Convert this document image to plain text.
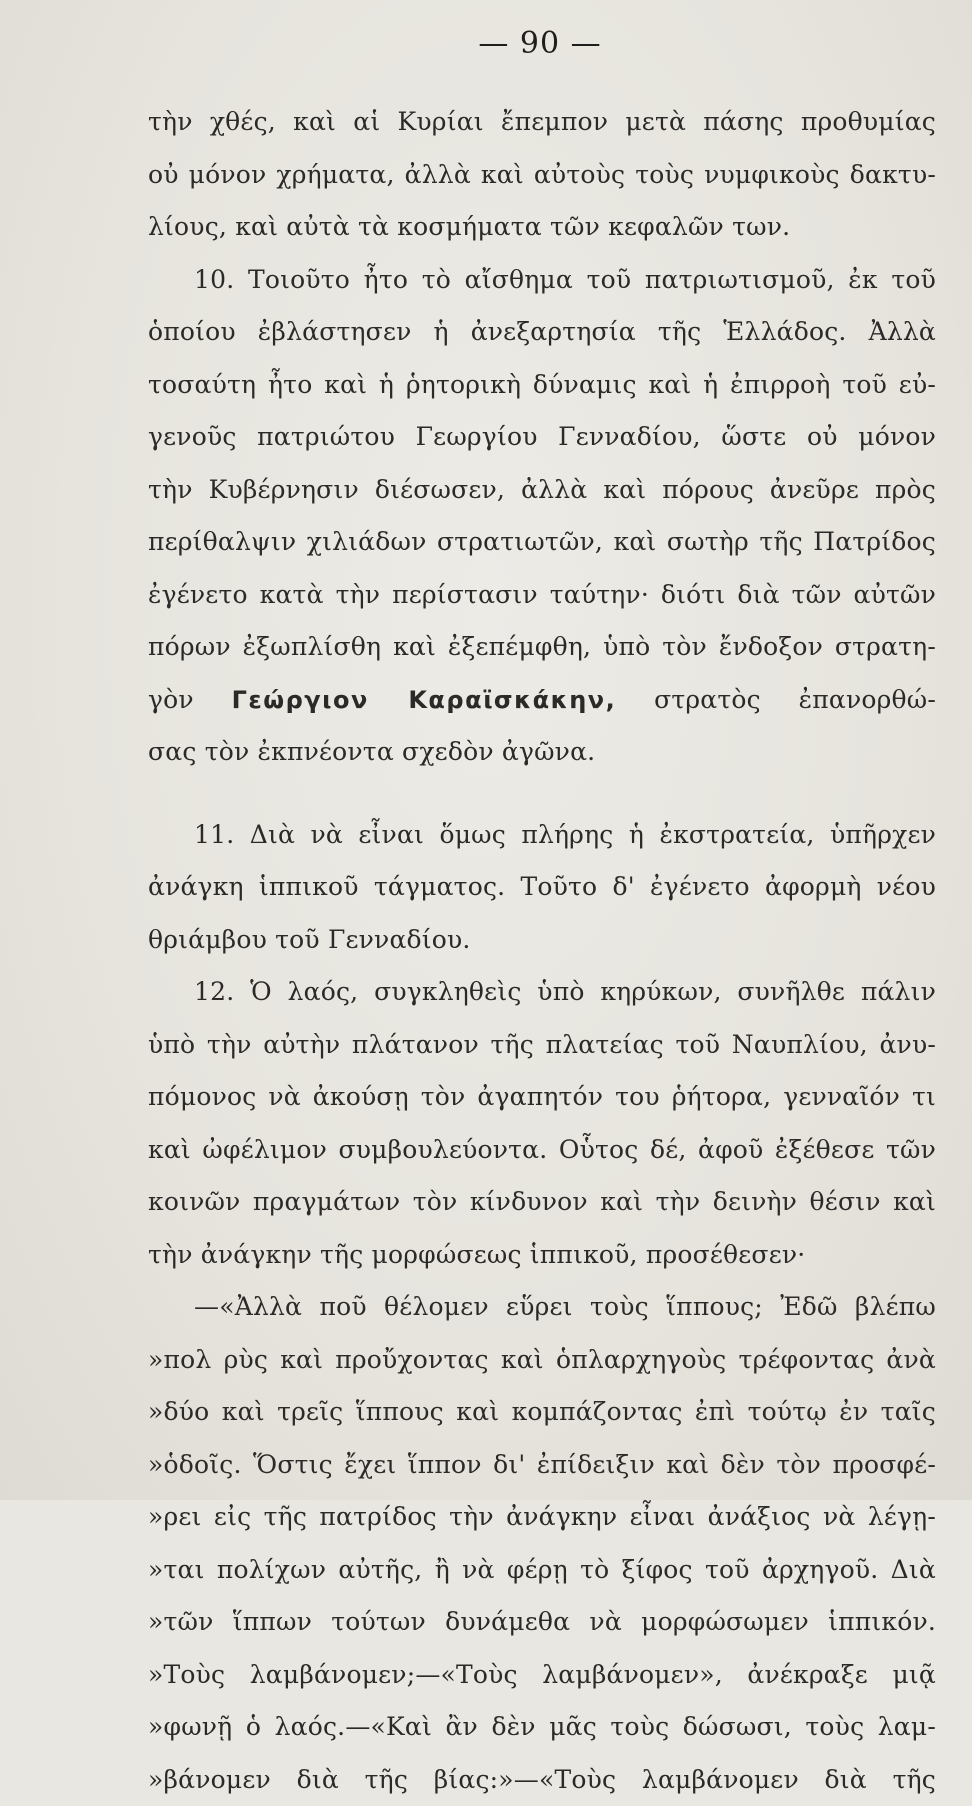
— 90 —
τὴν χθές, καὶ αἱ Κυρίαι ἔπεμπον μετὰ πάσης προθυμίας
οὐ μόνον χρήματα, ἀλλὰ καὶ αὐτοὺς τοὺς νυμφικοὺς δακτυ-
λίους, καὶ αὐτὰ τὰ κοσμήματα τῶν κεφαλῶν των.
10. Τοιοῦτο ἦτο τὸ αἴσθημα τοῦ πατριωτισμοῦ, ἐκ τοῦ
ὁποίου ἐβλάστησεν ἡ ἀνεξαρτησία τῆς Ἑλλάδος. Ἀλλὰ
τοσαύτη ἦτο καὶ ἡ ῥητορικὴ δύναμις καὶ ἡ ἐπιρροὴ τοῦ εὐ-
γενοῦς πατριώτου Γεωργίου Γενναδίου, ὥστε οὐ μόνον
τὴν Κυβέρνησιν διέσωσεν, ἀλλὰ καὶ πόρους ἀνεῦρε πρὸς
περίθαλψιν χιλιάδων στρατιωτῶν, καὶ σωτὴρ τῆς Πατρίδος
ἐγένετο κατὰ τὴν περίστασιν ταύτην· διότι διὰ τῶν αὐτῶν
πόρων ἐξωπλίσθη καὶ ἐξεπέμφθη, ὑπὸ τὸν ἔνδοξον στρατη-
γὸν Γεώργιον Καραϊσκάκην, στρατὸς ἐπανορθώ-
σας τὸν ἐκπνέοντα σχεδὸν ἀγῶνα.
11. Διὰ νὰ εἶναι ὅμως πλήρης ἡ ἐκστρατεία, ὑπῆρχεν
ἀνάγκη ἱππικοῦ τάγματος. Τοῦτο δ' ἐγένετο ἀφορμὴ νέου
θριάμβου τοῦ Γενναδίου.
12. Ὁ λαός, συγκληθεὶς ὑπὸ κηρύκων, συνῆλθε πάλιν
ὑπὸ τὴν αὐτὴν πλάτανον τῆς πλατείας τοῦ Ναυπλίου, ἀνυ-
πόμονος νὰ ἀκούσῃ τὸν ἀγαπητόν του ῥήτορα, γενναῖόν τι
καὶ ὠφέλιμον συμβουλεύοντα. Οὗτος δέ, ἀφοῦ ἐξέθεσε τῶν
κοινῶν πραγμάτων τὸν κίνδυνον καὶ τὴν δεινὴν θέσιν καὶ
τὴν ἀνάγκην τῆς μορφώσεως ἱππικοῦ, προσέθεσεν·
—«Ἀλλὰ ποῦ θέλομεν εὕρει τοὺς ἵππους; Ἐδῶ βλέπω
»πολ ρὺς καὶ προὔχοντας καὶ ὁπλαρχηγοὺς τρέφοντας ἀνὰ
»δύο καὶ τρεῖς ἵππους καὶ κομπάζοντας ἐπὶ τούτῳ ἐν ταῖς
»ὁδοῖς. Ὅστις ἔχει ἵππον δι' ἐπίδειξιν καὶ δὲν τὸν προσφέ-
»ρει εἰς τῆς πατρίδος τὴν ἀνάγκην εἶναι ἀνάξιος νὰ λέγῃ-
»ται πολίχων αὐτῆς, ἢ νὰ φέρῃ τὸ ξίφος τοῦ ἀρχηγοῦ. Διὰ
»τῶν ἵππων τούτων δυνάμεθα νὰ μορφώσωμεν ἱππικόν.
»Τοὺς λαμβάνομεν;—«Τοὺς λαμβάνομεν», ἀνέκραξε μιᾷ
»φωνῇ ὁ λαός.—«Καὶ ἂν δὲν μᾶς τοὺς δώσωσι, τοὺς λαμ-
»βάνομεν διὰ τῆς βίας:»—«Τοὺς λαμβάνομεν διὰ τῆς
